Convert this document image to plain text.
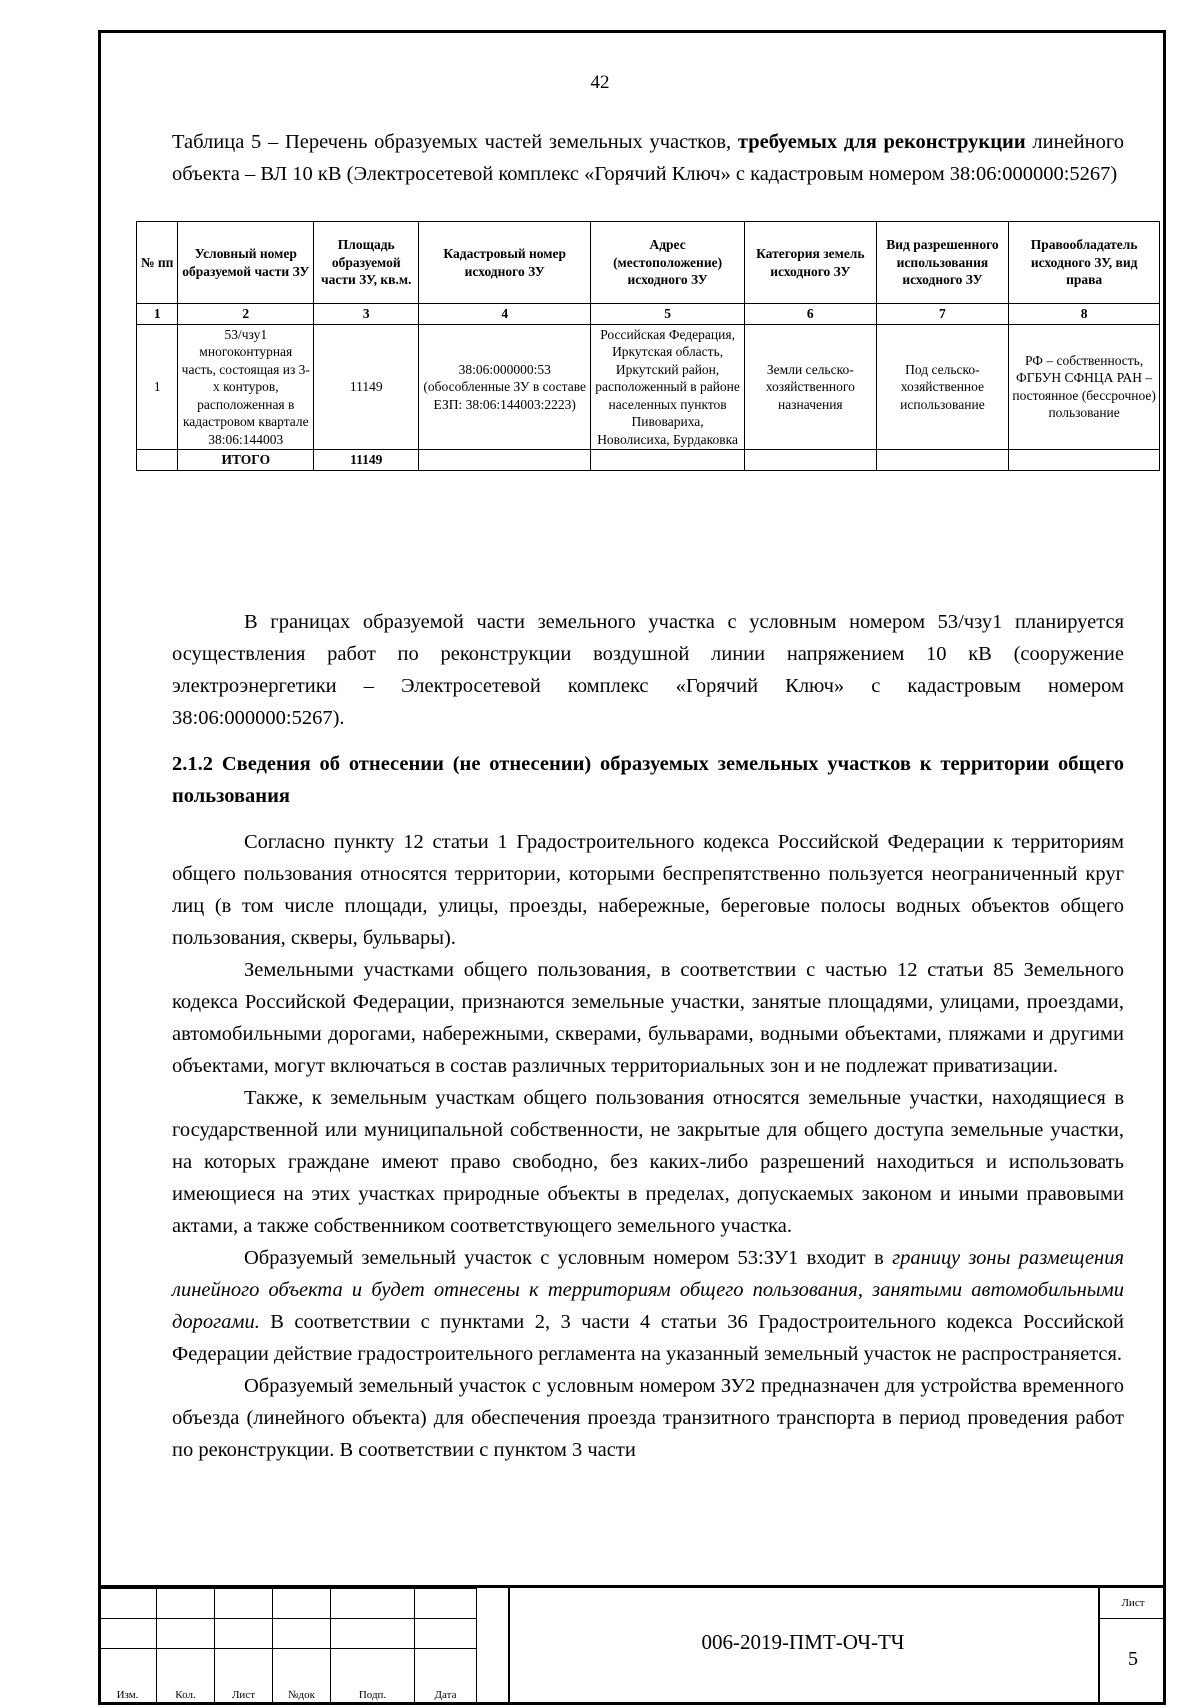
42

Таблица 5 – Перечень образуемых частей земельных участков, требуемых для реконструкции линейного объекта – ВЛ 10 кВ (Электросетевой комплекс «Горячий Ключ» с кадастровым номером 38:06:000000:5267)

№ пп	Условный номер образуемой части ЗУ	Площадь образуемой части ЗУ, кв.м.	Кадастровый номер исходного ЗУ	Адрес (местоположение) исходного ЗУ	Категория земель исходного ЗУ	Вид разрешенного использования исходного ЗУ	Правообладатель исходного ЗУ, вид права
1	2	3	4	5	6	7	8
1	53/чзу1 многоконтурная часть, состоящая из 3-х контуров, расположенная в кадастровом квартале 38:06:144003	11149	38:06:000000:53 (обособленные ЗУ в составе ЕЗП: 38:06:144003:2223)	Российская Федерация, Иркутская область, Иркутский район, расположенный в районе населенных пунктов Пивовариха, Новолисиха, Бурдаковка	Земли сельско-хозяйственного назначения	Под сельско-хозяйственное использование	РФ – собственность, ФГБУН СФНЦА РАН – постоянное (бессрочное) пользование
	ИТОГО	11149					

В границах образуемой части земельного участка с условным номером 53/чзу1 планируется осуществления работ по реконструкции воздушной линии напряжением 10 кВ (сооружение электроэнергетики – Электросетевой комплекс «Горячий Ключ» с кадастровым номером 38:06:000000:5267).

2.1.2 Сведения об отнесении (не отнесении) образуемых земельных участков к территории общего пользования

Согласно пункту 12 статьи 1 Градостроительного кодекса Российской Федерации к территориям общего пользования относятся территории, которыми беспрепятственно пользуется неограниченный круг лиц (в том числе площади, улицы, проезды, набережные, береговые полосы водных объектов общего пользования, скверы, бульвары).

Земельными участками общего пользования, в соответствии с частью 12 статьи 85 Земельного кодекса Российской Федерации, признаются земельные участки, занятые площадями, улицами, проездами, автомобильными дорогами, набережными, скверами, бульварами, водными объектами, пляжами и другими объектами, могут включаться в состав различных территориальных зон и не подлежат приватизации.

Также, к земельным участкам общего пользования относятся земельные участки, находящиеся в государственной или муниципальной собственности, не закрытые для общего доступа земельные участки, на которых граждане имеют право свободно, без каких-либо разрешений находиться и использовать имеющиеся на этих участках природные объекты в пределах, допускаемых законом и иными правовыми актами, а также собственником соответствующего земельного участка.

Образуемый земельный участок с условным номером 53:ЗУ1 входит в границу зоны размещения линейного объекта и будет отнесены к территориям общего пользования, занятыми автомобильными дорогами. В соответствии с пунктами 2, 3 части 4 статьи 36 Градостроительного кодекса Российской Федерации действие градостроительного регламента на указанный земельный участок не распространяется.

Образуемый земельный участок с условным номером ЗУ2 предназначен для устройства временного объезда (линейного объекта) для обеспечения проезда транзитного транспорта в период проведения работ по реконструкции. В соответствии с пунктом 3 части

Изм.	Кол.	Лист	№док	Подп.	Дата
006-2019-ПМТ-ОЧ-ТЧ
Лист
5
